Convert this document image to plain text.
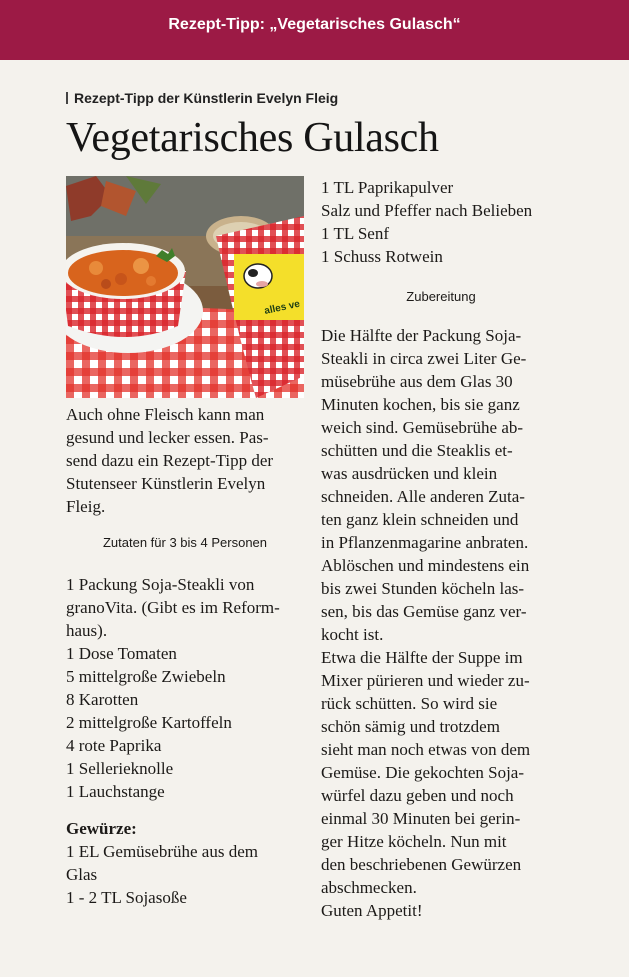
Rezept-Tipp: „Vegetarisches Gulasch“
Rezept-Tipp der Künstlerin Evelyn Fleig
Vegetarisches Gulasch
alles ve
Auch ohne Fleisch kann man
gesund und lecker essen. Pas-
send dazu ein Rezept-Tipp der
Stutenseer Künstlerin Evelyn
Fleig.
Zutaten für 3 bis 4 Personen
1 Packung Soja-Steakli von
granoVita. (Gibt es im Reform-
haus).
1 Dose Tomaten
5 mittelgroße Zwiebeln
8 Karotten
2 mittelgroße Kartoffeln
4 rote Paprika
1 Sellerieknolle
1 Lauchstange
Gewürze:
1 EL Gemüsebrühe aus dem
Glas
1 - 2 TL Sojasoße
1 TL Paprikapulver
Salz und Pfeffer nach Belieben
1 TL Senf
1 Schuss Rotwein
Zubereitung
Die Hälfte der Packung Soja-
Steakli in circa zwei Liter Ge-
müsebrühe aus dem Glas 30
Minuten kochen, bis sie ganz
weich sind. Gemüsebrühe ab-
schütten und die Steaklis et-
was ausdrücken und klein
schneiden. Alle anderen Zuta-
ten ganz klein schneiden und
in Pflanzenmagarine anbraten.
Ablöschen und mindestens ein
bis zwei Stunden köcheln las-
sen, bis das Gemüse ganz ver-
kocht ist.
Etwa die Hälfte der Suppe im
Mixer pürieren und wieder zu-
rück schütten. So wird sie
schön sämig und trotzdem
sieht man noch etwas von dem
Gemüse. Die gekochten Soja-
würfel dazu geben und noch
einmal 30 Minuten bei gerin-
ger Hitze köcheln. Nun mit
den beschriebenen Gewürzen
abschmecken.
Guten Appetit!
